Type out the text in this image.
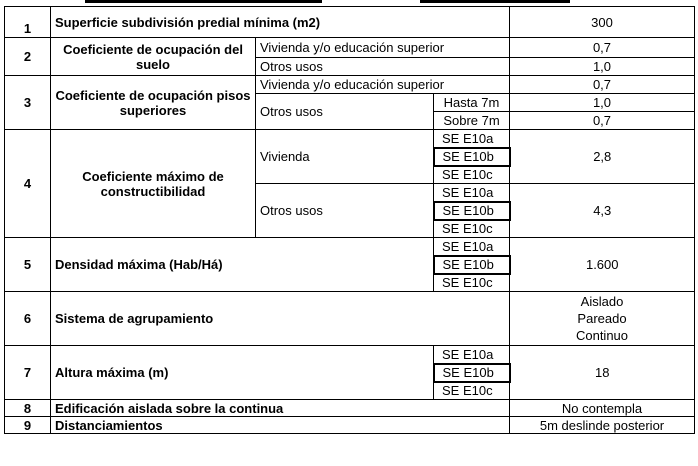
1	Superficie subdivisión predial mínima (m2)			300
2	Coeficiente de ocupación del suelo	Vivienda y/o educación superior		0,7
		Otros usos		1,0
3	Coeficiente de ocupación pisos superiores	Vivienda y/o educación superior		0,7
		Otros usos	Hasta 7m	1,0
			Sobre 7m	0,7
4	Coeficiente máximo de constructibilidad	Vivienda	SE E10a	2,8
			SE E10b	
			SE E10c	
		Otros usos	SE E10a	4,3
			SE E10b	
			SE E10c	
5	Densidad máxima (Hab/Há)		SE E10a	1.600
			SE E10b	
			SE E10c	
6	Sistema de agrupamiento			Aislado
Pareado
Continuo

7	Altura máxima (m)		SE E10a	18
			SE E10b	
			SE E10c	
8	Edificación aislada sobre la continua			No contempla
9	Distanciamientos			5m deslinde posterior
